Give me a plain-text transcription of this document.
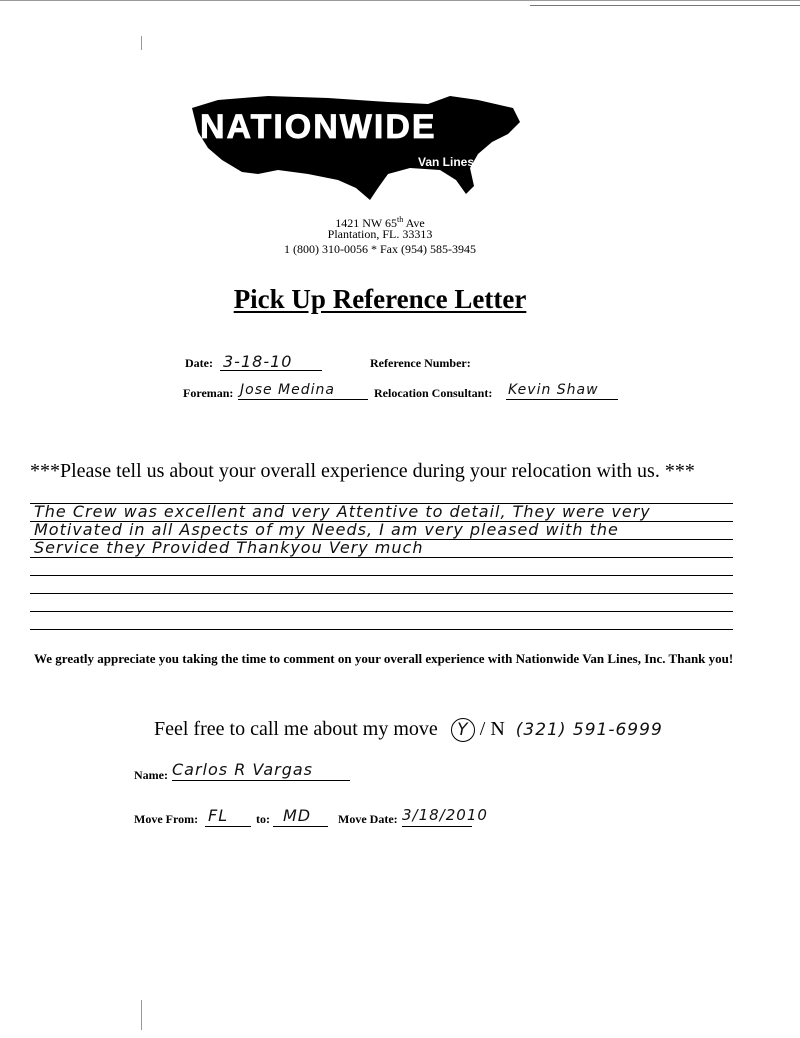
NATIONWIDE
Van Lines
1421 NW 65th Ave
Plantation, FL. 33313
1 (800) 310-0056 * Fax (954) 585-3945
Pick Up Reference Letter
Date: 3-18-10	Reference Number:
Foreman: Jose Medina	Relocation Consultant: Kevin Shaw
***Please tell us about your overall experience during your relocation with us. ***
The Crew was excellent and very Attentive to detail, They were very
Motivated in all Aspects of my Needs, I am very pleased with the
Service they Provided Thankyou Very much
We greatly appreciate you taking the time to comment on your overall experience with Nationwide Van Lines, Inc. Thank you!
Feel free to call me about my move Y / N (321) 591-6999
Name: Carlos R Vargas
Move From: FL	to: MD	Move Date: 3/18/2010
